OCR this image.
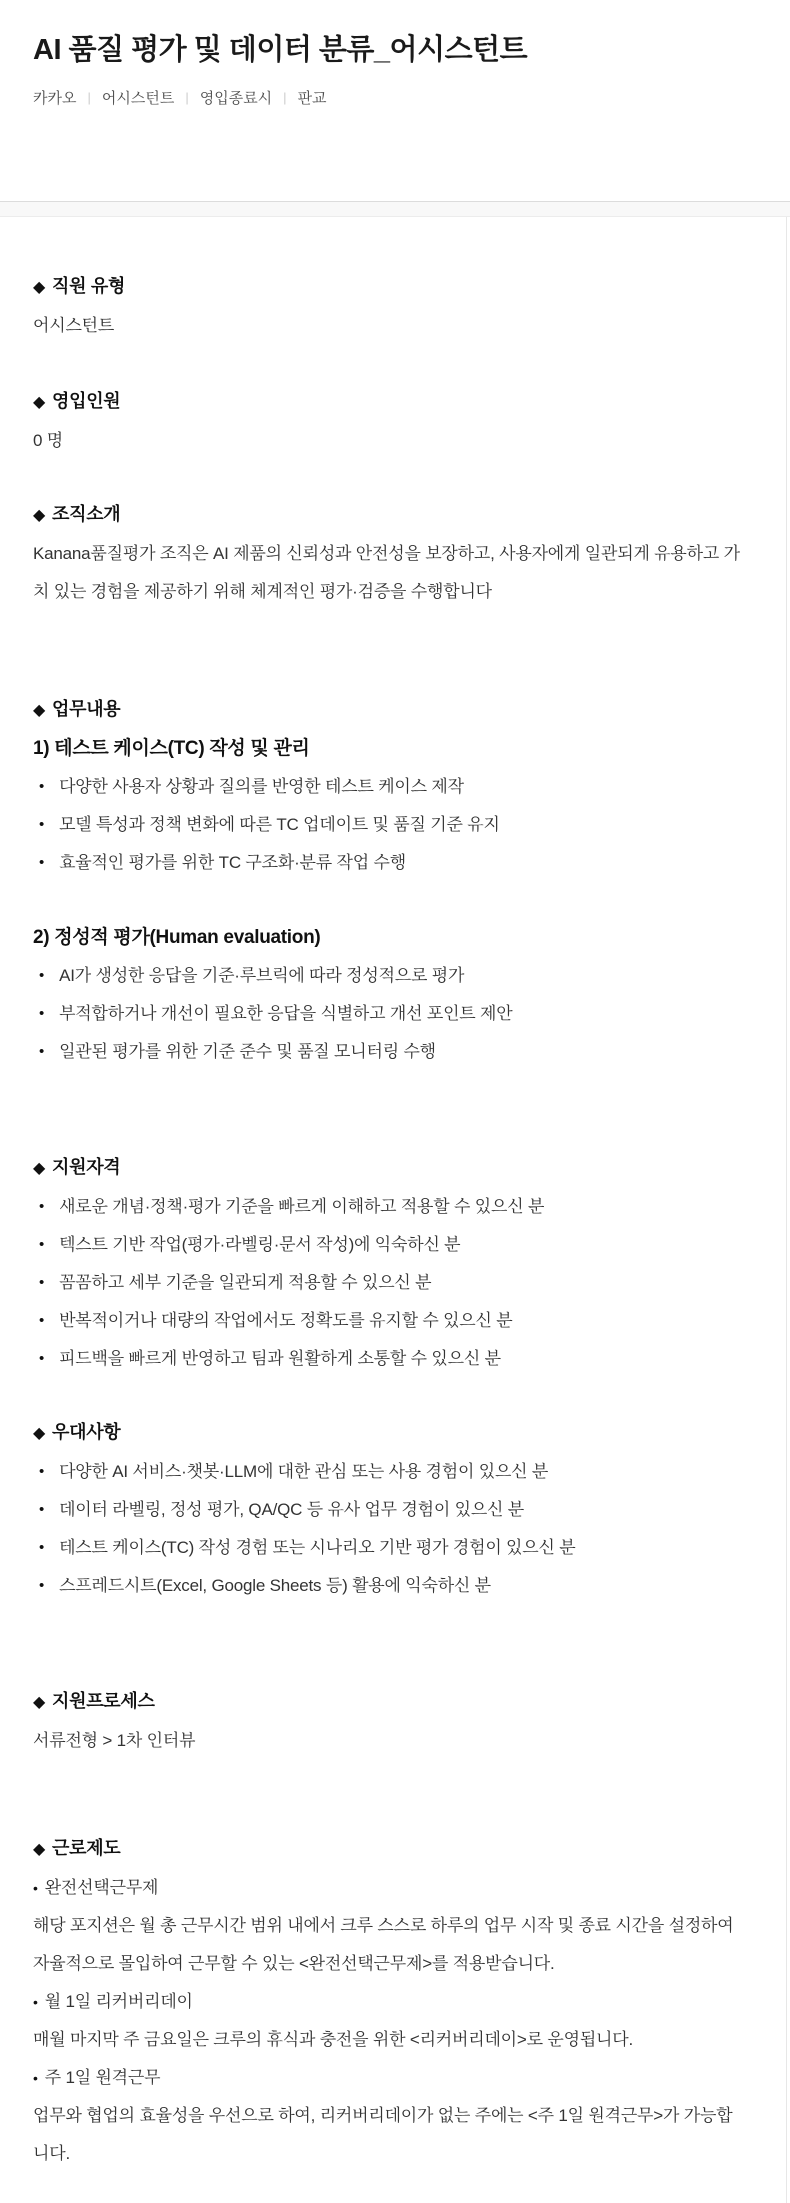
AI 품질 평가 및 데이터 분류_어시스턴트
카카오 | 어시스턴트 | 영입종료시 | 판교
◆ 직원 유형
어시스턴트
◆ 영입인원
0 명
◆ 조직소개

Kanana품질평가 조직은 AI 제품의 신뢰성과 안전성을 보장하고, 사용자에게 일관되게 유용하고 가치 있는 경험을 제공하기 위해 체계적인 평가·검증을 수행합니다

◆ 업무내용
1) 테스트 케이스(TC) 작성 및 관리
• 다양한 사용자 상황과 질의를 반영한 테스트 케이스 제작
• 모델 특성과 정책 변화에 따른 TC 업데이트 및 품질 기준 유지
• 효율적인 평가를 위한 TC 구조화·분류 작업 수행
2) 정성적 평가(Human evaluation)
• AI가 생성한 응답을 기준·루브릭에 따라 정성적으로 평가
• 부적합하거나 개선이 필요한 응답을 식별하고 개선 포인트 제안
• 일관된 평가를 위한 기준 준수 및 품질 모니터링 수행
◆ 지원자격
• 새로운 개념·정책·평가 기준을 빠르게 이해하고 적용할 수 있으신 분
• 텍스트 기반 작업(평가·라벨링·문서 작성)에 익숙하신 분
• 꼼꼼하고 세부 기준을 일관되게 적용할 수 있으신 분
• 반복적이거나 대량의 작업에서도 정확도를 유지할 수 있으신 분
• 피드백을 빠르게 반영하고 팀과 원활하게 소통할 수 있으신 분
◆ 우대사항
• 다양한 AI 서비스·챗봇·LLM에 대한 관심 또는 사용 경험이 있으신 분
• 데이터 라벨링, 정성 평가, QA/QC 등 유사 업무 경험이 있으신 분
• 테스트 케이스(TC) 작성 경험 또는 시나리오 기반 평가 경험이 있으신 분
• 스프레드시트(Excel, Google Sheets 등) 활용에 익숙하신 분
◆ 지원프로세스
서류전형 > 1차 인터뷰
◆ 근로제도
• 완전선택근무제

해당 포지션은 월 총 근무시간 범위 내에서 크루 스스로 하루의 업무 시작 및 종료 시간을 설정하여 자율적으로 몰입하여 근무할 수 있는 <완전선택근무제>를 적용받습니다.

• 월 1일 리커버리데이

매월 마지막 주 금요일은 크루의 휴식과 충전을 위한 <리커버리데이>로 운영됩니다.

• 주 1일 원격근무

업무와 협업의 효율성을 우선으로 하여, 리커버리데이가 없는 주에는 <주 1일 원격근무>가 가능합니다.
